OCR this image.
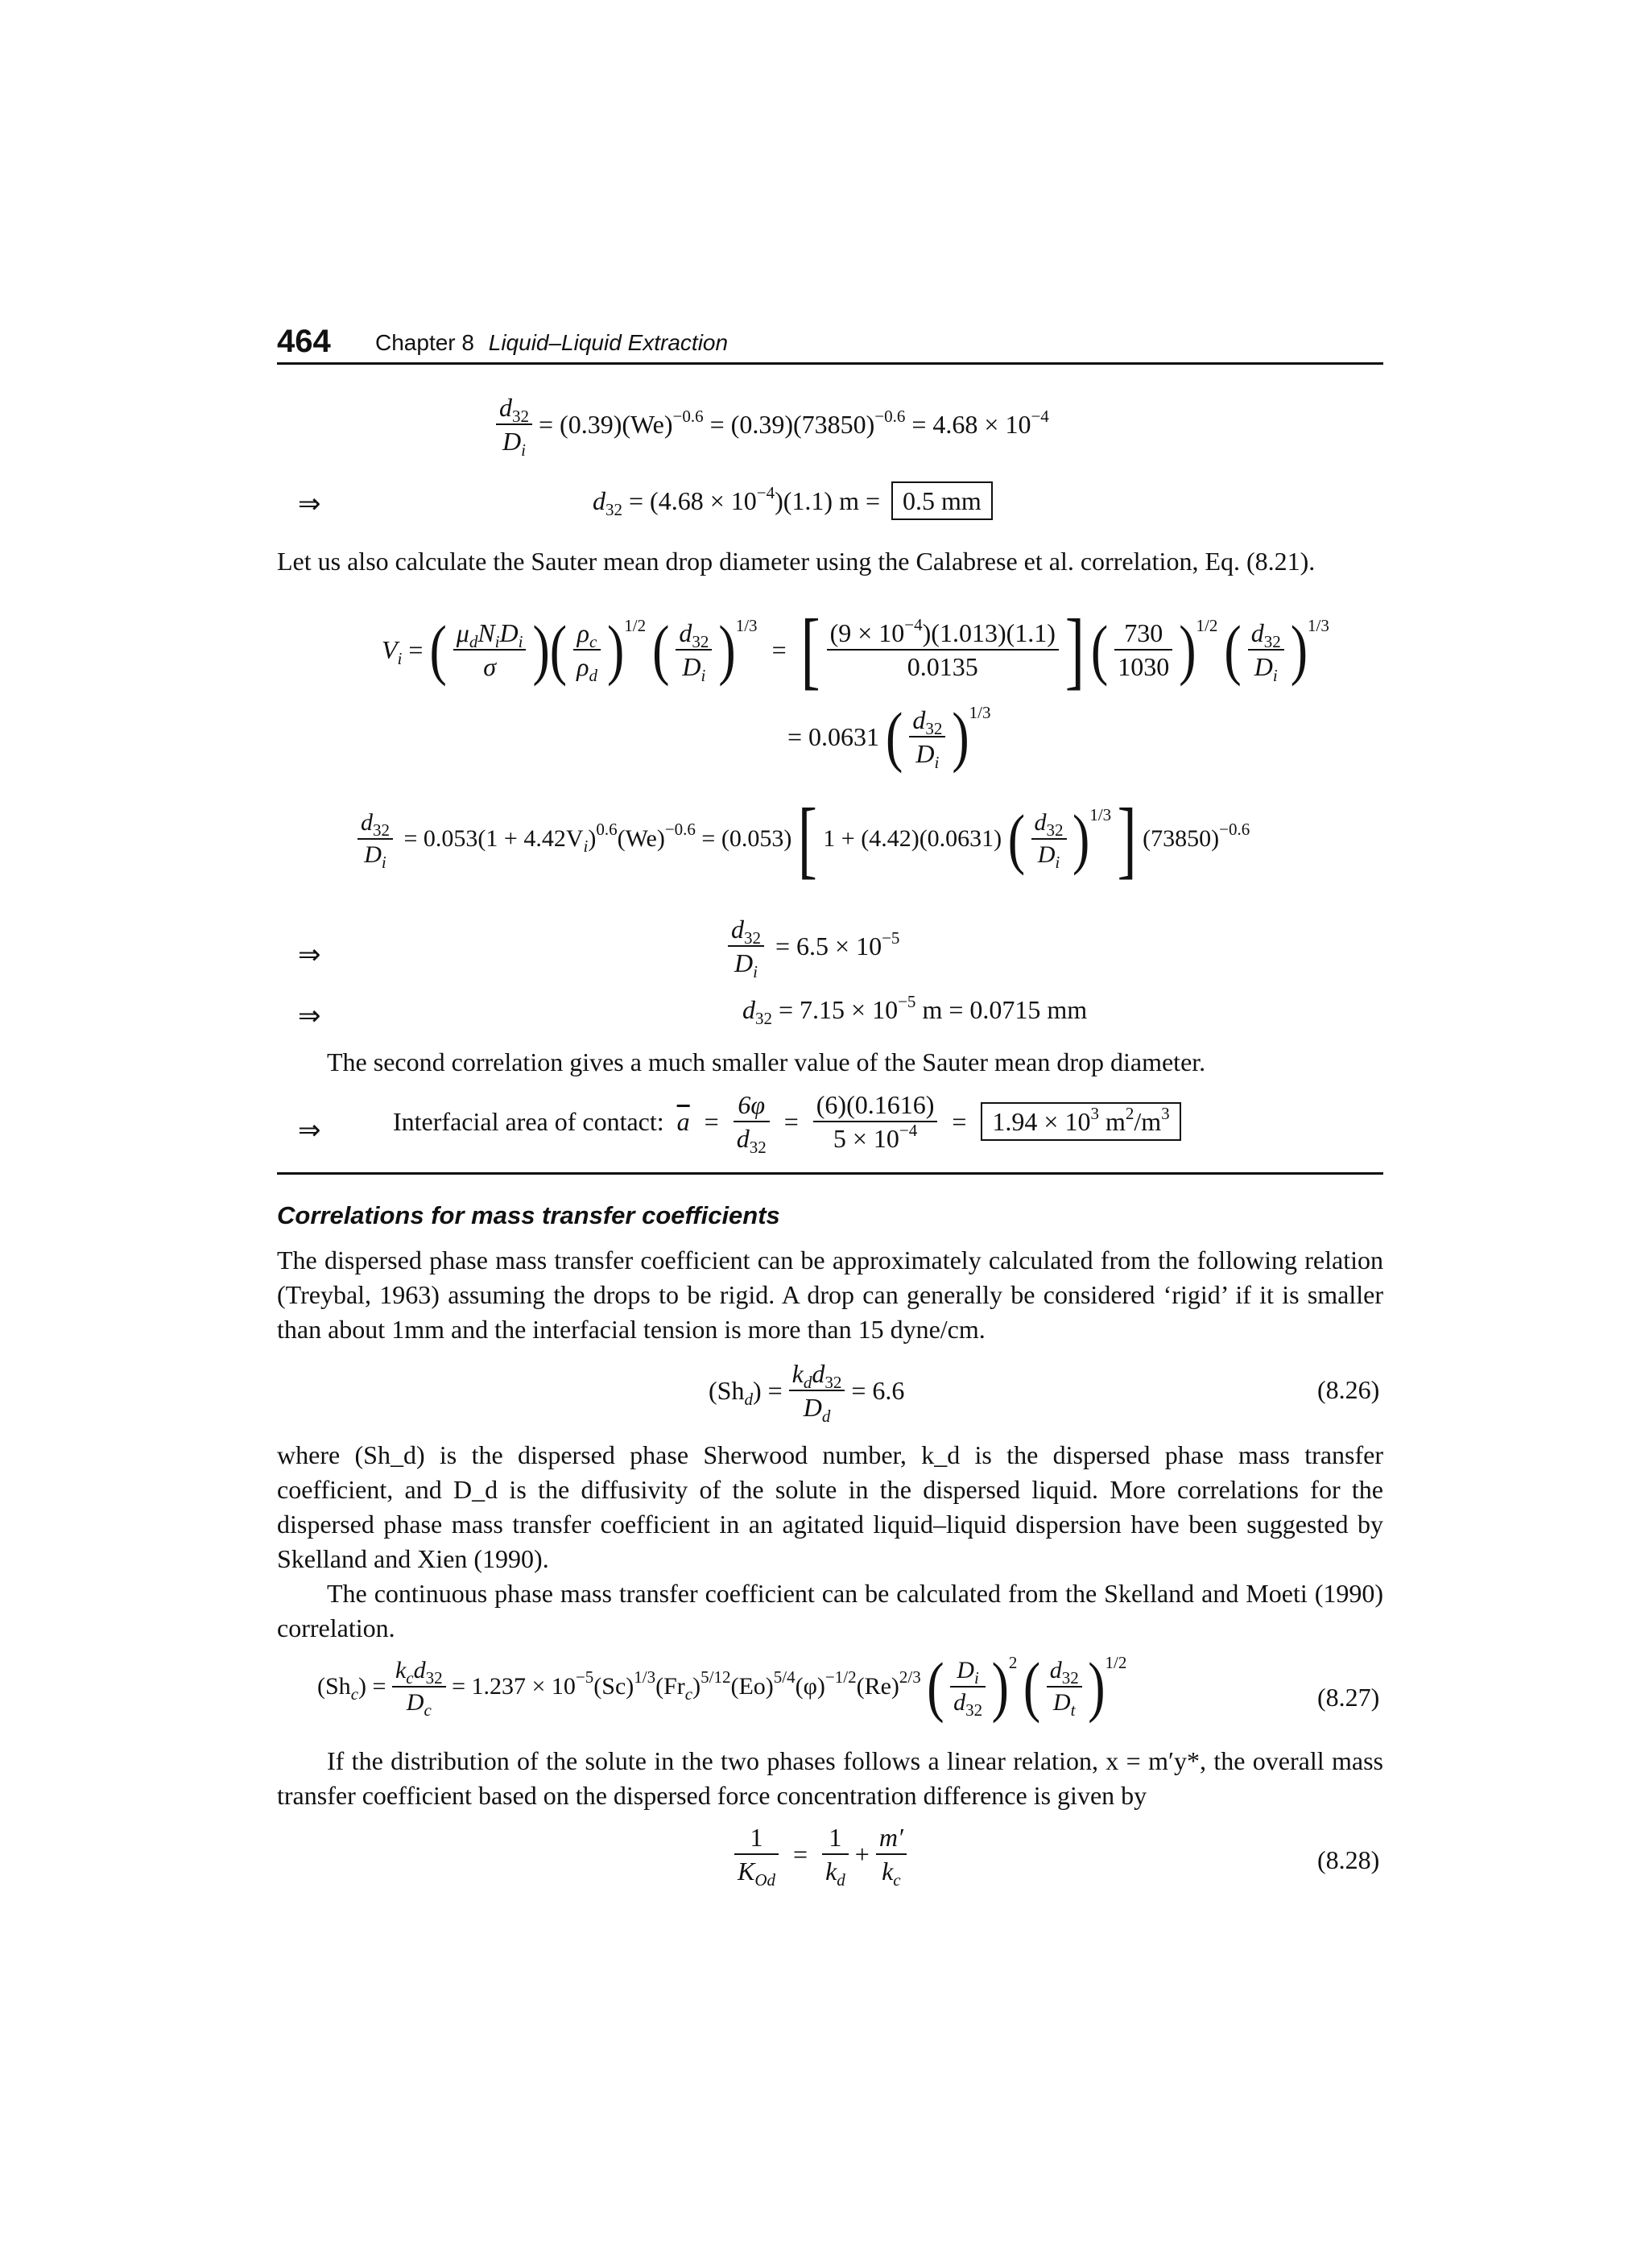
464 Chapter 8 Liquid–Liquid Extraction
$\frac{d_{32}}{D_i} = (0.39)(We)^{-0.6} = (0.39)(73850)^{-0.6} = 4.68 \times 10^{-4}$
⇒	$d_{32} = (4.68 \times 10^{-4})(1.1) m = 0.5$ mm
Let us also calculate the Sauter mean drop diameter using the Calabrese et al. correlation, Eq. (8.21).
$V_i$ = ( $\frac{\mu_dN_iD_i}{\sigma}$ )( $\frac{\rho_c}{\rho_d} )^{1/2}$ ( $\frac{d_{32}}{D_i} )^{1/3}$ = [ $\frac{(9 \times 10^{-4})(1.013)(1.1)}{0.0135}$ ] ( $\frac{730}{1030} )^{1/2}$ ( $\frac{d_{32}}{D_i} )^{1/3}$
= 0.0631 ( $\frac{d_{32}}{D_i} )^{1/3}$
$\frac{d_{32}}{D_i} = 0.053(1 + 4.42V_i)^{0.6}(We)^{-0.6} = (0.053)$ [ 1 + (4.42)(0.0631) ( $\frac{d_{32}}{D_i} )^{1/3}$ ] $(73850)^{-0.6}$
⇒	$\frac{d_{32}}{D_i} = 6.5 \times 10^{-5}$
⇒	$d_{32} = 7.15 \times 10^{-5}$ m = 0.0715 mm
The second correlation gives a much smaller value of the Sauter mean drop diameter.
⇒	Interfacial area of contact: $\overline{a} = \frac{6\varphi}{d_{32}} = \frac{(6)(0.1616)}{5 \times 10^{-4}} = 1.94 \times 10^3$ $m^2/m^3$
Correlations for mass transfer coefficients
The dispersed phase mass transfer coefficient can be approximately calculated from the following relation (Treybal, 1963) assuming the drops to be rigid. A drop can generally be considered ‘rigid’ if it is smaller than about 1mm and the interfacial tension is more than 15 dyne/cm.
$(Sh_d) = \frac{k_dd_{32}}{D_d} = 6.6$	(8.26)
where (Sh_d) is the dispersed phase Sherwood number, k_d is the dispersed phase mass transfer coefficient, and D_d is the diffusivity of the solute in the dispersed liquid. More correlations for the dispersed phase mass transfer coefficient in an agitated liquid–liquid dispersion have been suggested by Skelland and Xien (1990).
The continuous phase mass transfer coefficient can be calculated from the Skelland and Moeti (1990) correlation.
$(Sh_c) = \frac{k_cd_{32}}{D_c} = 1.237 \times 10^{-5}(Sc)^{1/3}(Fr_c)^{5/12}(Eo)^{5/4}(\varphi)^{-1/2}(Re)^{2/3}$ ( $\frac{D_i}{d_{32}} )^2$ ( $\frac{d_{32}}{D_t} )^{1/2}$
(8.27)
If the distribution of the solute in the two phases follows a linear relation, x = m′y*, the overall mass transfer coefficient based on the dispersed force concentration difference is given by
$\frac{1}{K_{Od}} = \frac{1}{k_d} + \frac{m'}{k_c}$	(8.28)
